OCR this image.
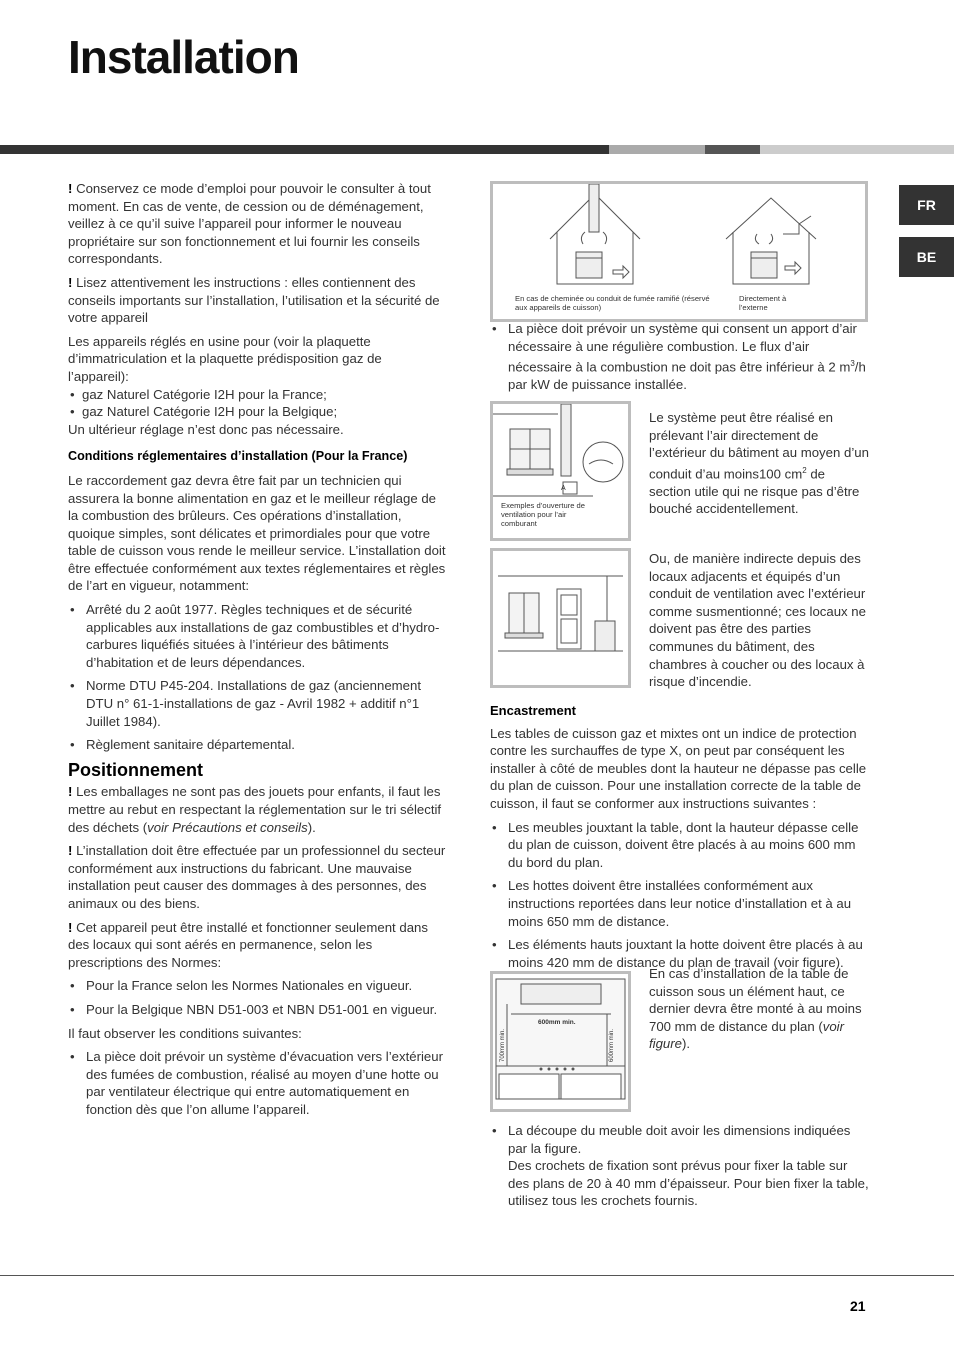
Installation
FR
BE

! Conservez ce mode d’emploi pour pouvoir le consulter à tout moment. En cas de vente, de cession ou de déménagement, veillez à ce qu’il suive l’appareil pour informer le nouveau propriétaire sur son fonctionnement et lui fournir les conseils correspondants.

! Lisez attentivement les instructions : elles contiennent des conseils importants sur l’installation, l’utilisation et la sécurité de votre appareil

Les appareils réglés en usine pour (voir la plaquette d’immatriculation et la plaquette prédisposition gaz de l’appareil):
• gaz Naturel Catégorie I2H pour la France;
• gaz Naturel Catégorie I2H pour la Belgique;
Un ultérieur réglage n’est donc pas nécessaire.
Conditions réglementaires d’installation (Pour la France)

Le raccordement gaz devra être fait par un technicien qui assurera la bonne alimentation en gaz et le meilleur réglage de la combustion des brûleurs. Ces opérations d’installation, quoique simples, sont délicates et primordiales pour que votre table de cuisson vous rende le meilleur service. L’installation doit être effectuée conformément aux textes réglementaires et règles de l’art en vigueur, notamment:

• Arrêté du 2 août 1977. Règles techniques et de sécurité applicables aux installations de gaz combustibles et d’hydro-carbures liquéfiés situées à l’intérieur des bâtiments d’habitation et de leurs dépendances.
• Norme DTU P45-204. Installations de gaz (anciennement DTU n° 61-1-installations de gaz - Avril 1982 + additif n°1 Juillet 1984).
• Règlement sanitaire départemental.
Positionnement

! Les emballages ne sont pas des jouets pour enfants, il faut les mettre au rebut en respectant la réglementation sur le tri sélectif des déchets (voir Précautions et conseils).

! L’installation doit être effectuée par un professionnel du secteur conformément aux instructions du fabricant. Une mauvaise installation peut causer des dommages à des personnes, des animaux ou des biens.

! Cet appareil peut être installé et fonctionner seulement dans des locaux qui sont aérés en permanence, selon les prescriptions des Normes:

• Pour la France selon les Normes Nationales en vigueur.
• Pour la Belgique NBN D51-003 et NBN D51-001 en vigueur.

Il faut observer les conditions suivantes:

• La pièce doit prévoir un système d’évacuation vers l’extérieur des fumées de combustion, réalisé au moyen d’une hotte ou par ventilateur électrique qui entre automatiquement en fonction dès que l’on allume l’appareil.
En cas de cheminée ou conduit de fumée ramifié (réservé aux appareils de cuisson)
Directement à l’externe
• La pièce doit prévoir un système qui consent un apport d’air nécessaire à une régulière combustion. Le flux d’air nécessaire à la combustion ne doit pas être inférieur à 2 $m^3/h$ par kW de puissance installée.
A
Exemples d’ouverture de ventilation pour l’air comburant
Le système peut être réalisé en prélevant l’air directement de l’extérieur du bâtiment au moyen d’un conduit d’au moins100 $cm^2$ de section utile qui ne risque pas d’être bouché accidentellement.
Ou, de manière indirecte depuis des locaux adjacents et équipés d’un conduit de ventilation avec l’extérieur comme susmentionné; ces locaux ne doivent pas être des parties communes du bâtiment, des chambres à coucher ou des locaux à risque d’incendie.
Encastrement

Les tables de cuisson gaz et mixtes ont un indice de protection contre les surchauffes de type X, on peut par conséquent les installer à côté de meubles dont la hauteur ne dépasse pas celle du plan de cuisson. Pour une installation correcte de la table de cuisson, il faut se conformer aux instructions suivantes :

• Les meubles jouxtant la table, dont la hauteur dépasse celle du plan de cuisson, doivent être placés à au moins 600 mm du bord du plan.
• Les hottes doivent être installées conformément aux instructions reportées dans leur notice d’installation et à au moins 650 mm de distance.
• Les éléments hauts jouxtant la hotte doivent être placés à au moins 420 mm de distance du plan de travail (voir figure).
600mm min.
700mm min.	600mm min.
En cas d’installation de la table de cuisson sous un élément haut, ce dernier devra être monté à au moins 700 mm de distance du plan (voir figure).
• La découpe du meuble doit avoir les dimensions indiquées par la figure.
Des crochets de fixation sont prévus pour fixer la table sur des plans de 20 à 40 mm d’épaisseur. Pour bien fixer la table, utilisez tous les crochets fournis.
21
